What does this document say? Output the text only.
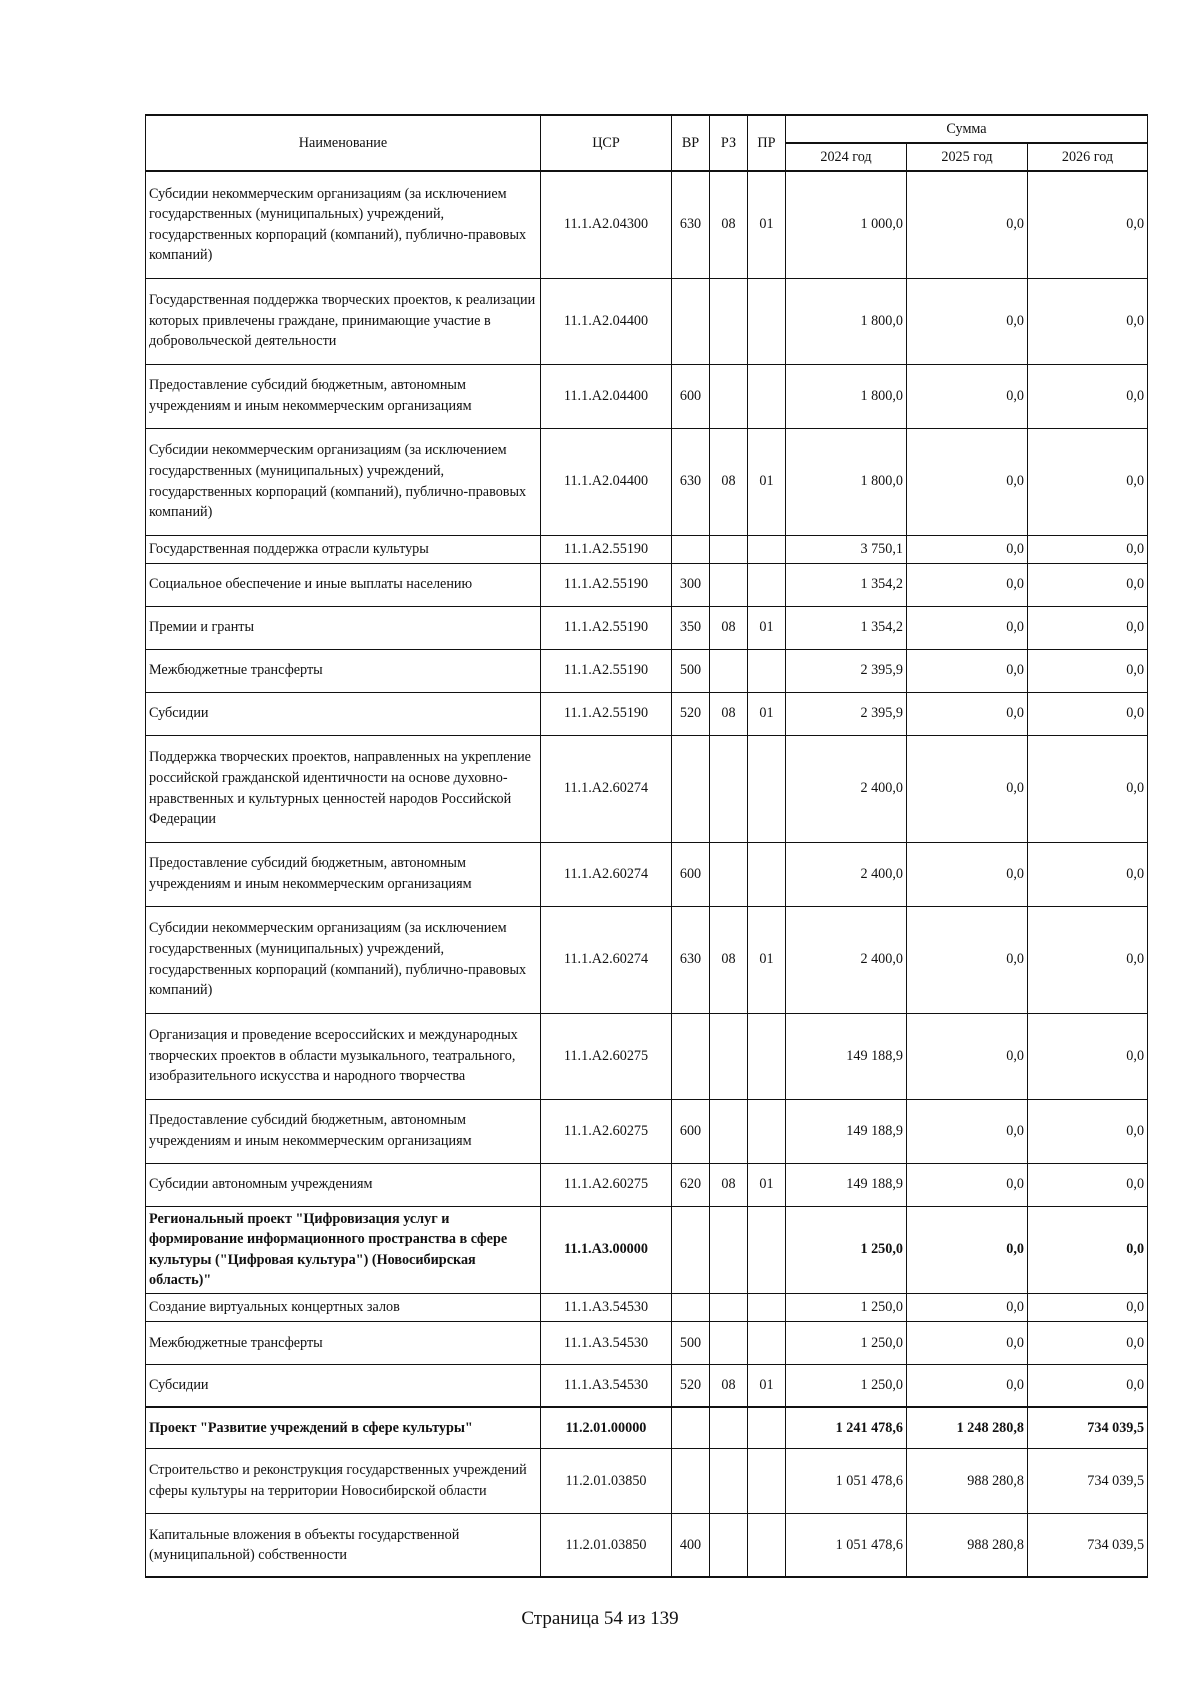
Наименование	ЦСР	ВР	РЗ	ПР	Сумма		
					2024 год	2025 год	2026 год
Субсидии некоммерческим организациям (за исключением государственных (муниципальных) учреждений, государственных корпораций (компаний), публично-правовых компаний)	11.1.A2.04300	630	08	01	1 000,0	0,0	0,0
Государственная поддержка творческих проектов, к реализации которых привлечены граждане, принимающие участие в добровольческой деятельности	11.1.A2.04400				1 800,0	0,0	0,0
Предоставление субсидий бюджетным, автономным учреждениям и иным некоммерческим организациям	11.1.A2.04400	600			1 800,0	0,0	0,0
Субсидии некоммерческим организациям (за исключением государственных (муниципальных) учреждений, государственных корпораций (компаний), публично-правовых компаний)	11.1.A2.04400	630	08	01	1 800,0	0,0	0,0
Государственная поддержка отрасли культуры	11.1.A2.55190				3 750,1	0,0	0,0
Социальное обеспечение и иные выплаты населению	11.1.A2.55190	300			1 354,2	0,0	0,0
Премии и гранты	11.1.A2.55190	350	08	01	1 354,2	0,0	0,0
Межбюджетные трансферты	11.1.A2.55190	500			2 395,9	0,0	0,0
Субсидии	11.1.A2.55190	520	08	01	2 395,9	0,0	0,0
Поддержка творческих проектов, направленных на укрепление российской гражданской идентичности на основе духовно-нравственных и культурных ценностей народов Российской Федерации	11.1.A2.60274				2 400,0	0,0	0,0
Предоставление субсидий бюджетным, автономным учреждениям и иным некоммерческим организациям	11.1.A2.60274	600			2 400,0	0,0	0,0
Субсидии некоммерческим организациям (за исключением государственных (муниципальных) учреждений, государственных корпораций (компаний), публично-правовых компаний)	11.1.A2.60274	630	08	01	2 400,0	0,0	0,0
Организация и проведение всероссийских и международных творческих проектов в области музыкального, театрального, изобразительного искусства и народного творчества	11.1.A2.60275				149 188,9	0,0	0,0
Предоставление субсидий бюджетным, автономным учреждениям и иным некоммерческим организациям	11.1.A2.60275	600			149 188,9	0,0	0,0
Субсидии автономным учреждениям	11.1.A2.60275	620	08	01	149 188,9	0,0	0,0
Региональный проект "Цифровизация услуг и формирование информационного пространства в сфере культуры ("Цифровая культура") (Новосибирская область)"	11.1.A3.00000				1 250,0	0,0	0,0
Создание виртуальных концертных залов	11.1.A3.54530				1 250,0	0,0	0,0
Межбюджетные трансферты	11.1.A3.54530	500			1 250,0	0,0	0,0
Субсидии	11.1.A3.54530	520	08	01	1 250,0	0,0	0,0
Проект "Развитие учреждений в сфере культуры"	11.2.01.00000				1 241 478,6	1 248 280,8	734 039,5
Строительство и реконструкция государственных учреждений сферы культуры на территории Новосибирской области	11.2.01.03850				1 051 478,6	988 280,8	734 039,5
Капитальные вложения в объекты государственной (муниципальной) собственности	11.2.01.03850	400			1 051 478,6	988 280,8	734 039,5
Страница 54 из 139
